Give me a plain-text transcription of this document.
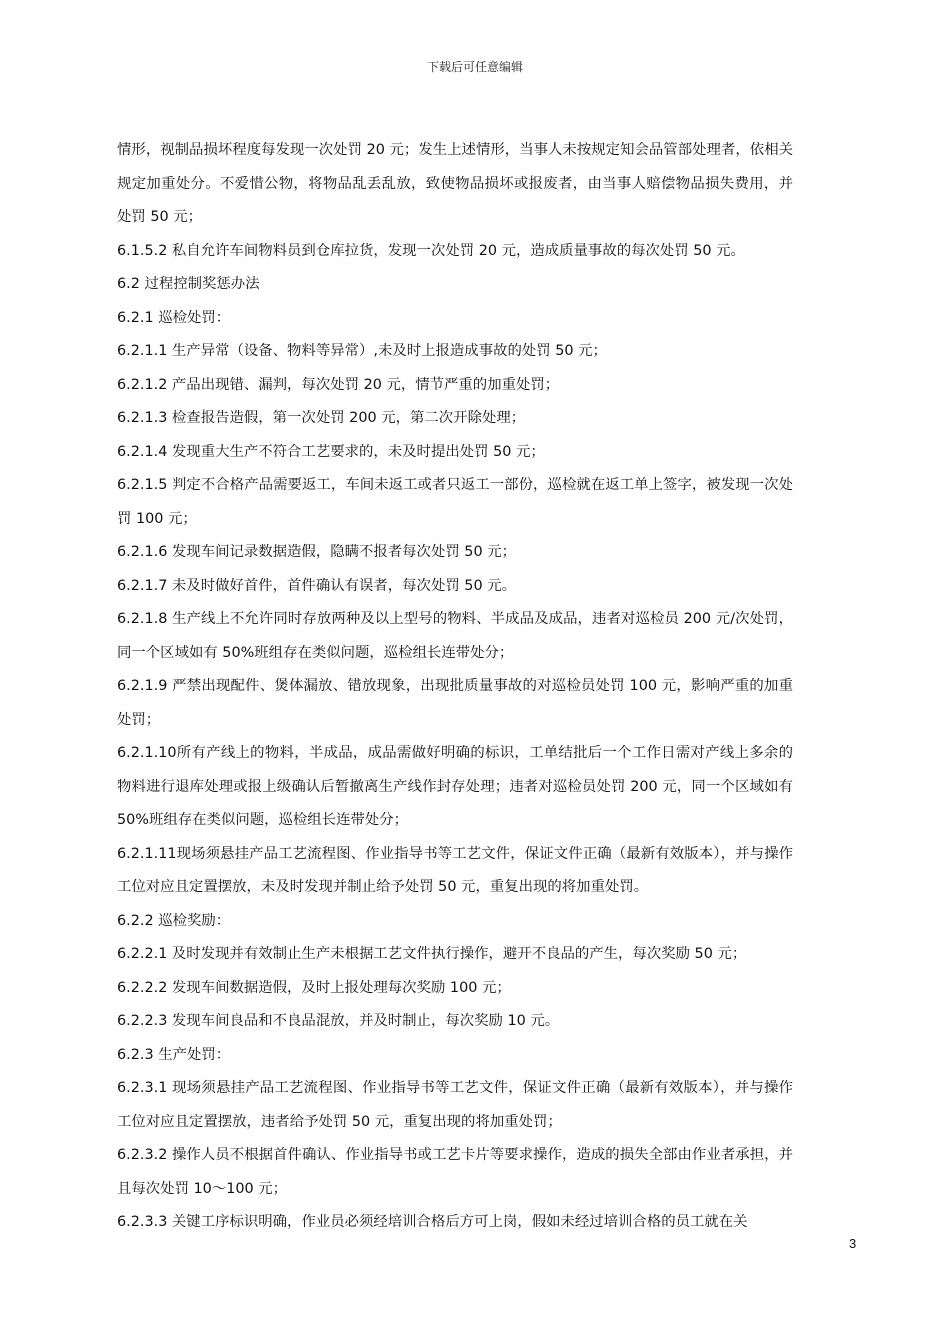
下载后可任意编辑

情形，视制品损坏程度每发现一次处罚 20 元；发生上述情形，当事人未按规定知会品管部处理者，依相关规定加重处分。不爱惜公物，将物品乱丢乱放，致使物品损坏或报废者，由当事人赔偿物品损失费用，并处罚 50 元；

6.1.5.2 私自允许车间物料员到仓库拉货，发现一次处罚 20 元，造成质量事故的每次处罚 50 元。

6.2 过程控制奖惩办法

6.2.1 巡检处罚：

6.2.1.1 生产异常（设备、物料等异常）,未及时上报造成事故的处罚 50 元；

6.2.1.2 产品出现错、漏判，每次处罚 20 元，情节严重的加重处罚；

6.2.1.3 检查报告造假，第一次处罚 200 元，第二次开除处理；

6.2.1.4 发现重大生产不符合工艺要求的，未及时提出处罚 50 元；

6.2.1.5 判定不合格产品需要返工，车间未返工或者只返工一部份，巡检就在返工单上签字，被发现一次处罚 100 元；

6.2.1.6 发现车间记录数据造假，隐瞒不报者每次处罚 50 元；

6.2.1.7 未及时做好首件，首件确认有误者，每次处罚 50 元。

6.2.1.8 生产线上不允许同时存放两种及以上型号的物料、半成品及成品，违者对巡检员 200 元/次处罚，同一个区域如有 50%班组存在类似问题，巡检组长连带处分；

6.2.1.9 严禁出现配件、煲体漏放、错放现象，出现批质量事故的对巡检员处罚 100 元，影响严重的加重处罚；

6.2.1.10所有产线上的物料，半成品，成品需做好明确的标识，工单结批后一个工作日需对产线上多余的物料进行退库处理或报上级确认后暂撤离生产线作封存处理；违者对巡检员处罚 200 元，同一个区域如有 50%班组存在类似问题，巡检组长连带处分；

6.2.1.11现场须悬挂产品工艺流程图、作业指导书等工艺文件，保证文件正确（最新有效版本），并与操作工位对应且定置摆放，未及时发现并制止给予处罚 50 元，重复出现的将加重处罚。

6.2.2 巡检奖励：

6.2.2.1 及时发现并有效制止生产未根据工艺文件执行操作，避开不良品的产生，每次奖励 50 元；

6.2.2.2 发现车间数据造假，及时上报处理每次奖励 100 元；

6.2.2.3 发现车间良品和不良品混放，并及时制止，每次奖励 10 元。

6.2.3 生产处罚：

6.2.3.1 现场须悬挂产品工艺流程图、作业指导书等工艺文件，保证文件正确（最新有效版本），并与操作工位对应且定置摆放，违者给予处罚 50 元，重复出现的将加重处罚；

6.2.3.2 操作人员不根据首件确认、作业指导书或工艺卡片等要求操作，造成的损失全部由作业者承担，并且每次处罚 10～100 元；

6.2.3.3 关键工序标识明确，作业员必须经培训合格后方可上岗，假如未经过培训合格的员工就在关

3
